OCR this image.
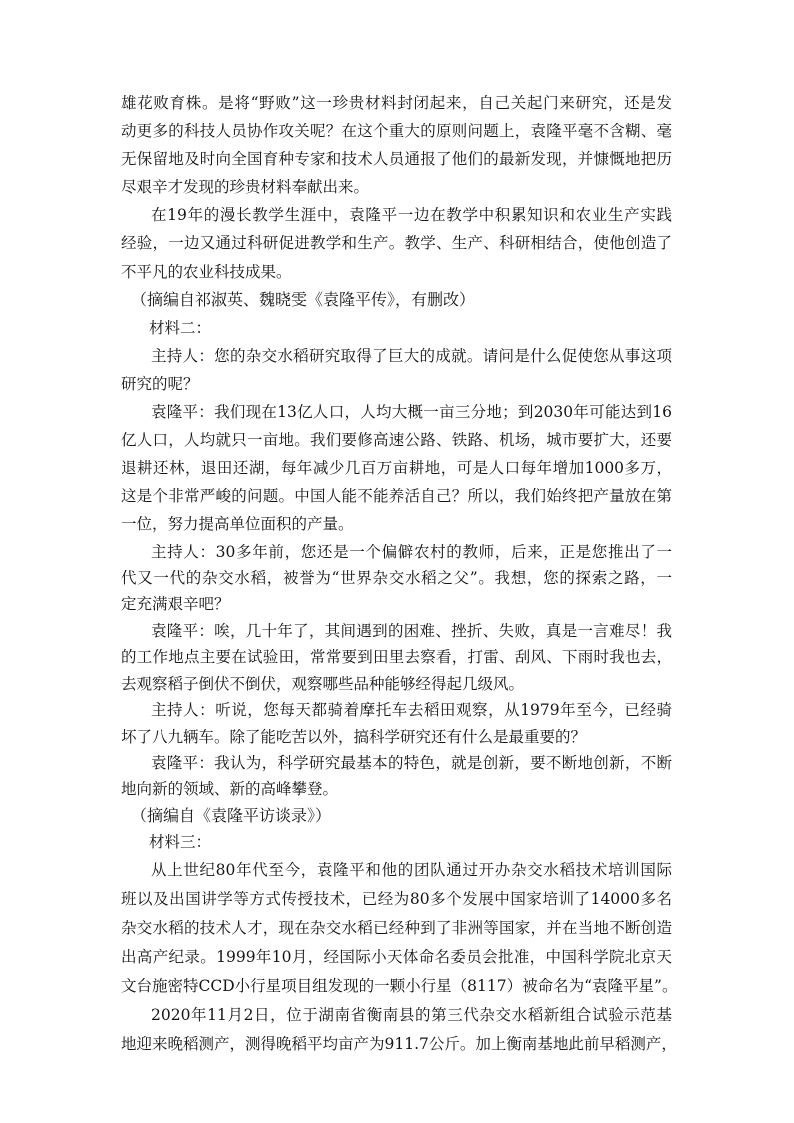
雄花败育株。是将“野败”这一珍贵材料封闭起来，自己关起门来研究，还是发
动更多的科技人员协作攻关呢？在这个重大的原则问题上，袁隆平毫不含糊、毫
无保留地及时向全国育种专家和技术人员通报了他们的最新发现，并慷慨地把历
尽艰辛才发现的珍贵材料奉献出来。
在19年的漫长教学生涯中，袁隆平一边在教学中积累知识和农业生产实践
经验，一边又通过科研促进教学和生产。教学、生产、科研相结合，使他创造了
不平凡的农业科技成果。
（摘编自祁淑英、魏晓雯《袁隆平传》，有删改）
材料二：
主持人：您的杂交水稻研究取得了巨大的成就。请问是什么促使您从事这项
研究的呢？
袁隆平：我们现在13亿人口，人均大概一亩三分地；到2030年可能达到16
亿人口，人均就只一亩地。我们要修高速公路、铁路、机场，城市要扩大，还要
退耕还林，退田还湖，每年减少几百万亩耕地，可是人口每年增加1000多万，
这是个非常严峻的问题。中国人能不能养活自己？所以，我们始终把产量放在第
一位，努力提高单位面积的产量。
主持人：30多年前，您还是一个偏僻农村的教师，后来，正是您推出了一
代又一代的杂交水稻，被誉为“世界杂交水稻之父”。我想，您的探索之路，一
定充满艰辛吧？
袁隆平：唉，几十年了，其间遇到的困难、挫折、失败，真是一言难尽！我
的工作地点主要在试验田，常常要到田里去察看，打雷、刮风、下雨时我也去，
去观察稻子倒伏不倒伏，观察哪些品种能够经得起几级风。
主持人：听说，您每天都骑着摩托车去稻田观察，从1979年至今，已经骑
坏了八九辆车。除了能吃苦以外，搞科学研究还有什么是最重要的？
袁隆平：我认为，科学研究最基本的特色，就是创新，要不断地创新，不断
地向新的领域、新的高峰攀登。
（摘编自《袁隆平访谈录》）
材料三：
从上世纪80年代至今，袁隆平和他的团队通过开办杂交水稻技术培训国际
班以及出国讲学等方式传授技术，已经为80多个发展中国家培训了14000多名
杂交水稻的技术人才，现在杂交水稻已经种到了非洲等国家，并在当地不断创造
出高产纪录。1999年10月，经国际小天体命名委员会批准，中国科学院北京天
文台施密特CCD小行星项目组发现的一颗小行星（8117）被命名为“袁隆平星”。
2020年11月2日，位于湖南省衡南县的第三代杂交水稻新组合试验示范基
地迎来晚稻测产，测得晚稻平均亩产为911.7公斤。加上衡南基地此前早稻测产，
